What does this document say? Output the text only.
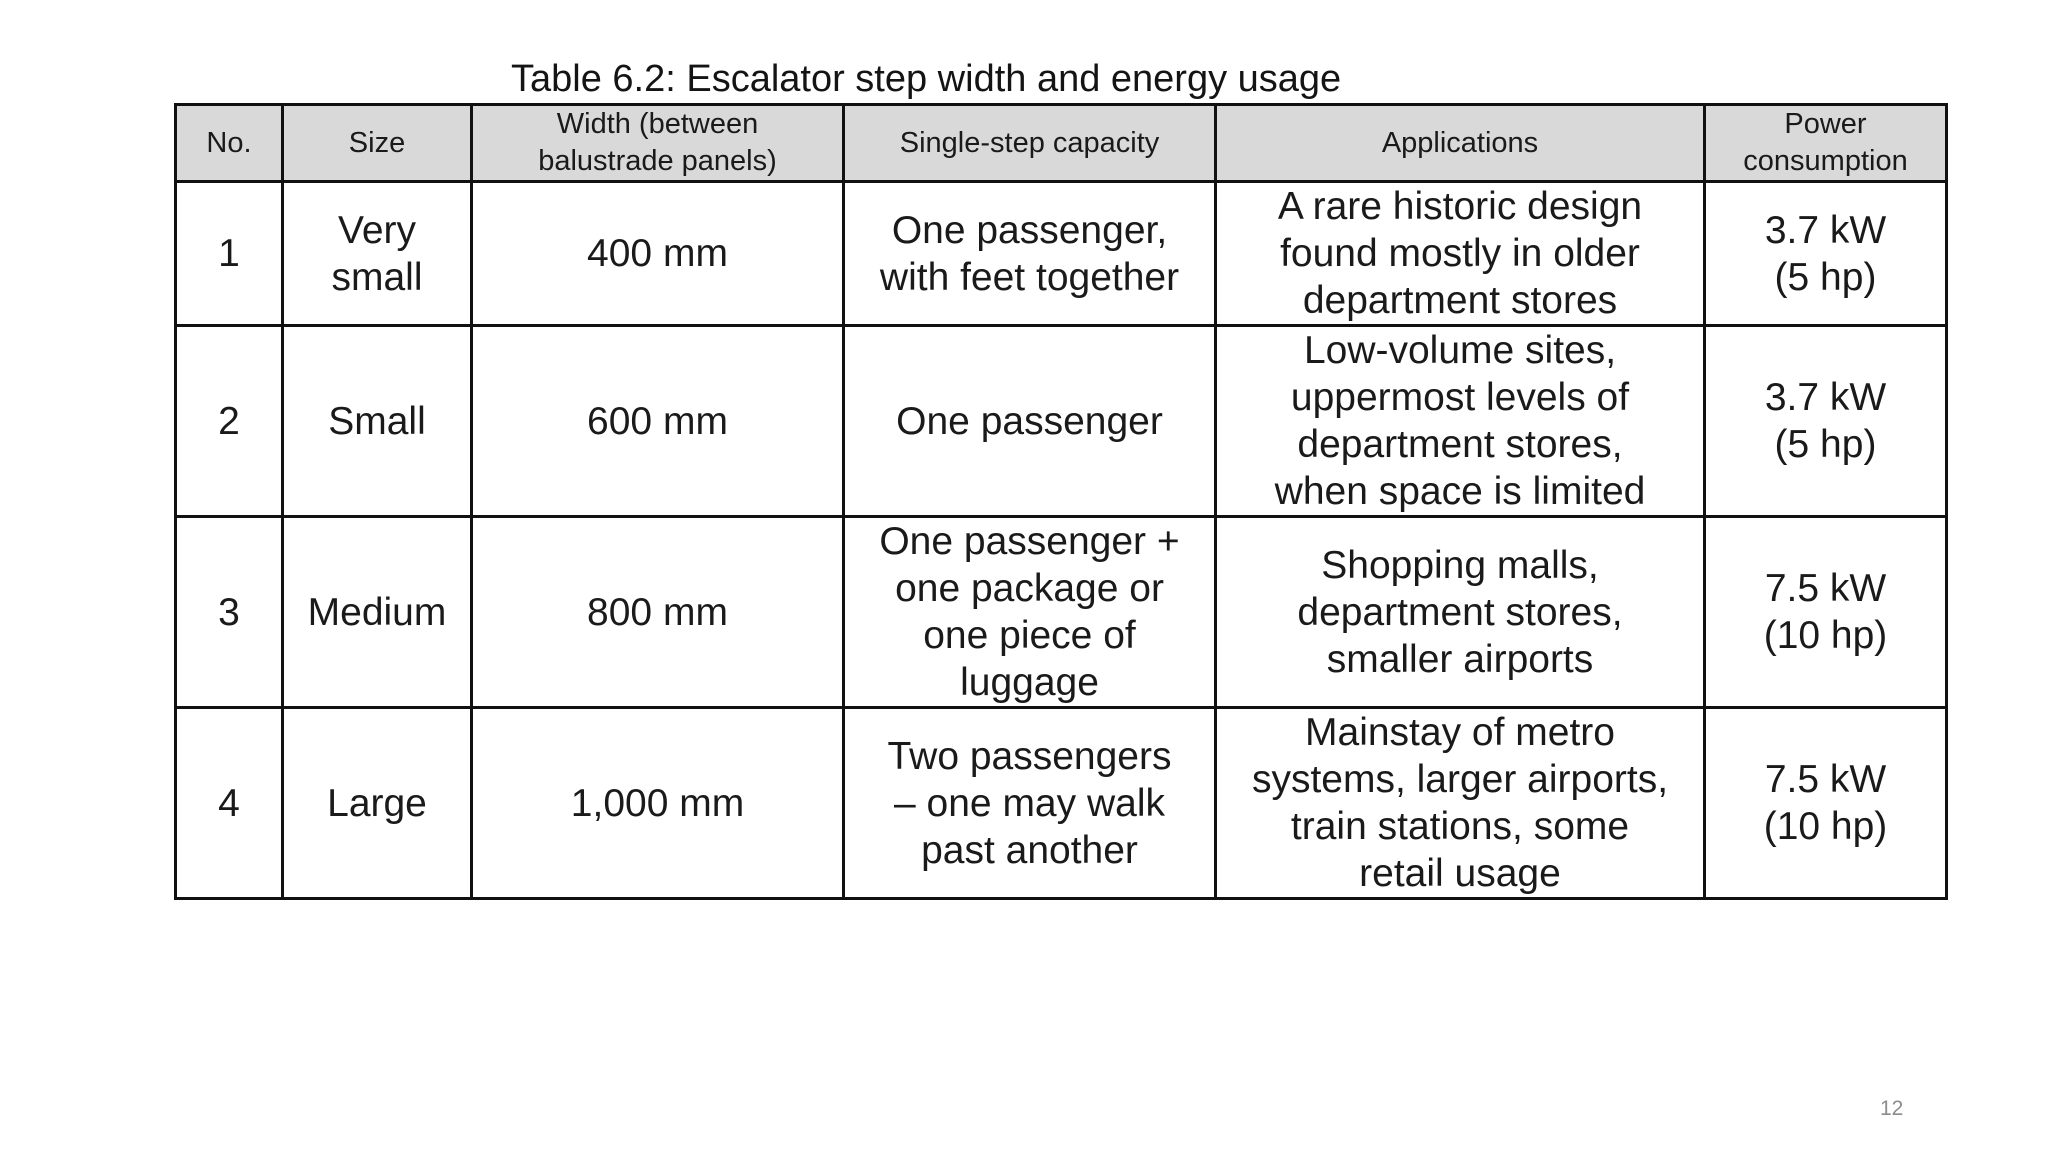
Table 6.2: Escalator step width and energy usage
No.	Size	Width (between
balustrade panels)	Single-step capacity	Applications	Power
consumption

1	Very
small	400 mm	One passenger,
with feet together	A rare historic design
found mostly in older
department stores	3.7 kW
(5 hp)

2	Small	600 mm	One passenger	Low-volume sites,
uppermost levels of
department stores,
when space is limited	3.7 kW
(5 hp)

3	Medium	800 mm	One passenger +
one package or
one piece of
luggage	Shopping malls,
department stores,
smaller airports	7.5 kW
(10 hp)

4	Large	1,000 mm	Two passengers
– one may walk
past another	Mainstay of metro
systems, larger airports,
train stations, some
retail usage	7.5 kW
(10 hp)
12
